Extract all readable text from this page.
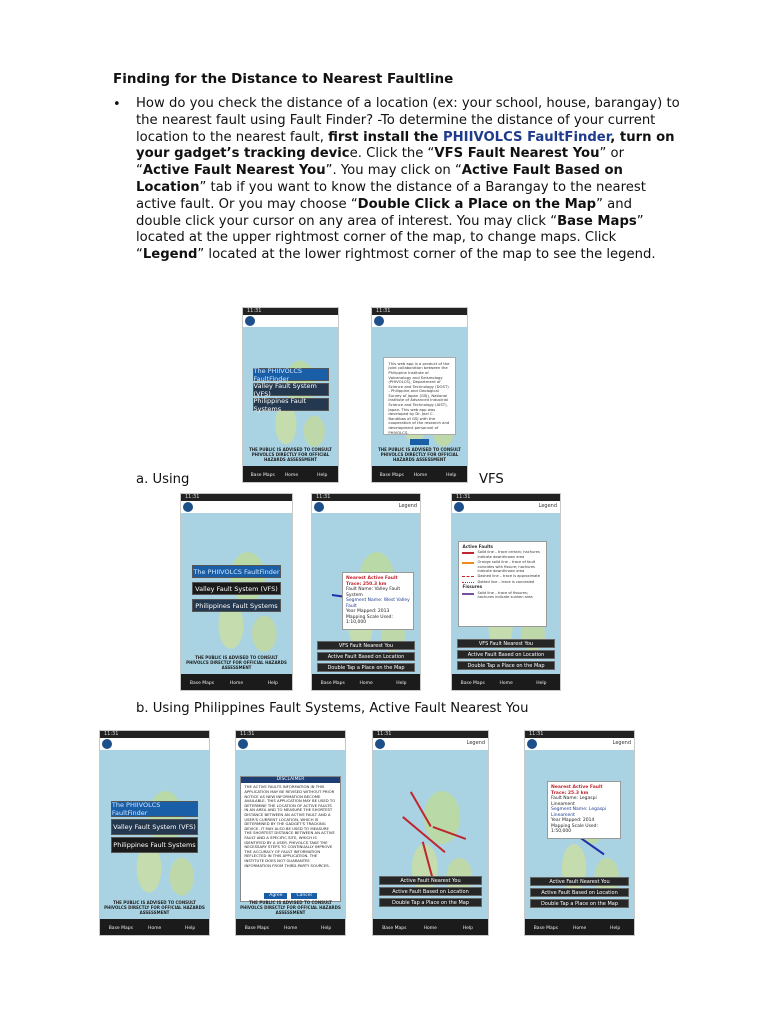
Finding for the Distance to Nearest Faultline
• How do you check the distance of a location (ex: your school, house, barangay) to the nearest fault using Fault Finder? -To determine the distance of your current location to the nearest fault, first install the PHIIVOLCS FaultFinder, turn on your gadget’s tracking device. Click the “VFS Fault Nearest You” or “Active Fault Nearest You”. You may click on “Active Fault Based on Location” tab if you want to know the distance of a Barangay to the nearest active fault. Or you may choose “Double Click a Place on the Map” and double click your cursor on any area of interest. You may click “Base Maps” located at the upper rightmost corner of the map, to change maps. Click “Legend” located at the lower rightmost corner of the map to see the legend.
11:31
The PHIIVOLCS FaultFinder
Valley Fault System (VFS)
Philippines Fault Systems
THE PUBLIC IS ADVISED TO CONSULT PHIVOLCS DIRECTLY FOR OFFICIAL HAZARDS ASSESSMENT
Base Maps Home	Help
11:31
This web app is a product of the joint collaboration between the Philippine Institute of Volcanology and Seismology (PHIVOLCS), Department of Science and Technology (DOST) - Philippine and Geological Survey of Japan (GSJ), National Institute of Advanced Industrial Science and Technology (AIST), Japan. This web app was developed by Dr. Joel C. Bandibas of GSJ with the cooperation of the research and development personnel of PHIVOLCS.
THE PUBLIC IS ADVISED TO CONSULT PHIVOLCS DIRECTLY FOR OFFICIAL HAZARDS ASSESSMENT
Base Maps Home	Help
a. Using	VFS
11:31
The PHIIVOLCS FaultFinder
Valley Fault System (VFS)
Philippines Fault Systems
THE PUBLIC IS ADVISED TO CONSULT PHIVOLCS DIRECTLY FOR OFFICIAL HAZARDS ASSESSMENT
Base Maps	Home	Help
11:31
Legend
Nearest Active Fault Trace: 250.3 km
Fault Name: Valley Fault System
Segment Name: West Valley Fault
Year Mapped: 2013
Mapping Scale Used: 1:10,000
VFS Fault Nearest You
Active Fault Based on Location
Double Tap a Place on the Map
Base Maps	Home	Help
11:31
Legend
Active Faults
Solid line – trace certain; hachures indicate downthrown area
Orange solid line – trace of fault coincides with fissure; hachures indicate downthrown area
Dashed line – trace is approximate
Dotted line – trace is concealed
Fissures
Solid line – trace of fissures; hachures indicate sunken area
VFS Fault Nearest You
Active Fault Based on Location
Double Tap a Place on the Map
Base Maps	Home	Help
b. Using Philippines Fault Systems, Active Fault Nearest You
11:31
The PHIIVOLCS FaultFinder
Valley Fault System (VFS)
Philippines Fault Systems
THE PUBLIC IS ADVISED TO CONSULT PHIVOLCS DIRECTLY FOR OFFICIAL HAZARDS ASSESSMENT
Base Maps	Home	Help
11:31
DISCLAIMER
THE ACTIVE FAULTS INFORMATION IN THIS APPLICATION MAY BE REVISED WITHOUT PRIOR NOTICE AS NEW INFORMATION BECOME AVAILABLE. THIS APPLICATION MAY BE USED TO DETERMINE THE LOCATION OF ACTIVE FAULTS IN AN AREA AND TO MEASURE THE SHORTEST DISTANCE BETWEEN AN ACTIVE FAULT AND A USER'S CURRENT LOCATION, WHICH IS DETERMINED BY THE GADGET'S TRACKING DEVICE. IT MAY ALSO BE USED TO MEASURE THE SHORTEST DISTANCE BETWEEN AN ACTIVE FAULT AND A SPECIFIC SITE, WHICH IS IDENTIFIED BY A USER. PHIVOLCS TAKE THE NECESSARY STEPS TO CONTINUALLY IMPROVE THE ACCURACY OF FAULT INFORMATION REFLECTED IN THIS APPLICATION. THE INSTITUTE DOES NOT GUARANTEE INFORMATION FROM THIRD-PARTY SOURCES.
Agree	Cancel
THE PUBLIC IS ADVISED TO CONSULT PHIVOLCS DIRECTLY FOR OFFICIAL HAZARDS ASSESSMENT
Base Maps	Home	Help
11:31
Legend
Active Fault Nearest You
Active Fault Based on Location
Double Tap a Place on the Map
Base Maps	Home	Help
11:31
Legend
Nearest Active Fault Trace: 25.3 km
Fault Name: Legaspi Lineament
Segment Name: Legaspi Lineament
Year Mapped: 2014
Mapping Scale Used: 1:50,000
Active Fault Nearest You
Active Fault Based on Location
Double Tap a Place on the Map
Base Maps	Home	Help
